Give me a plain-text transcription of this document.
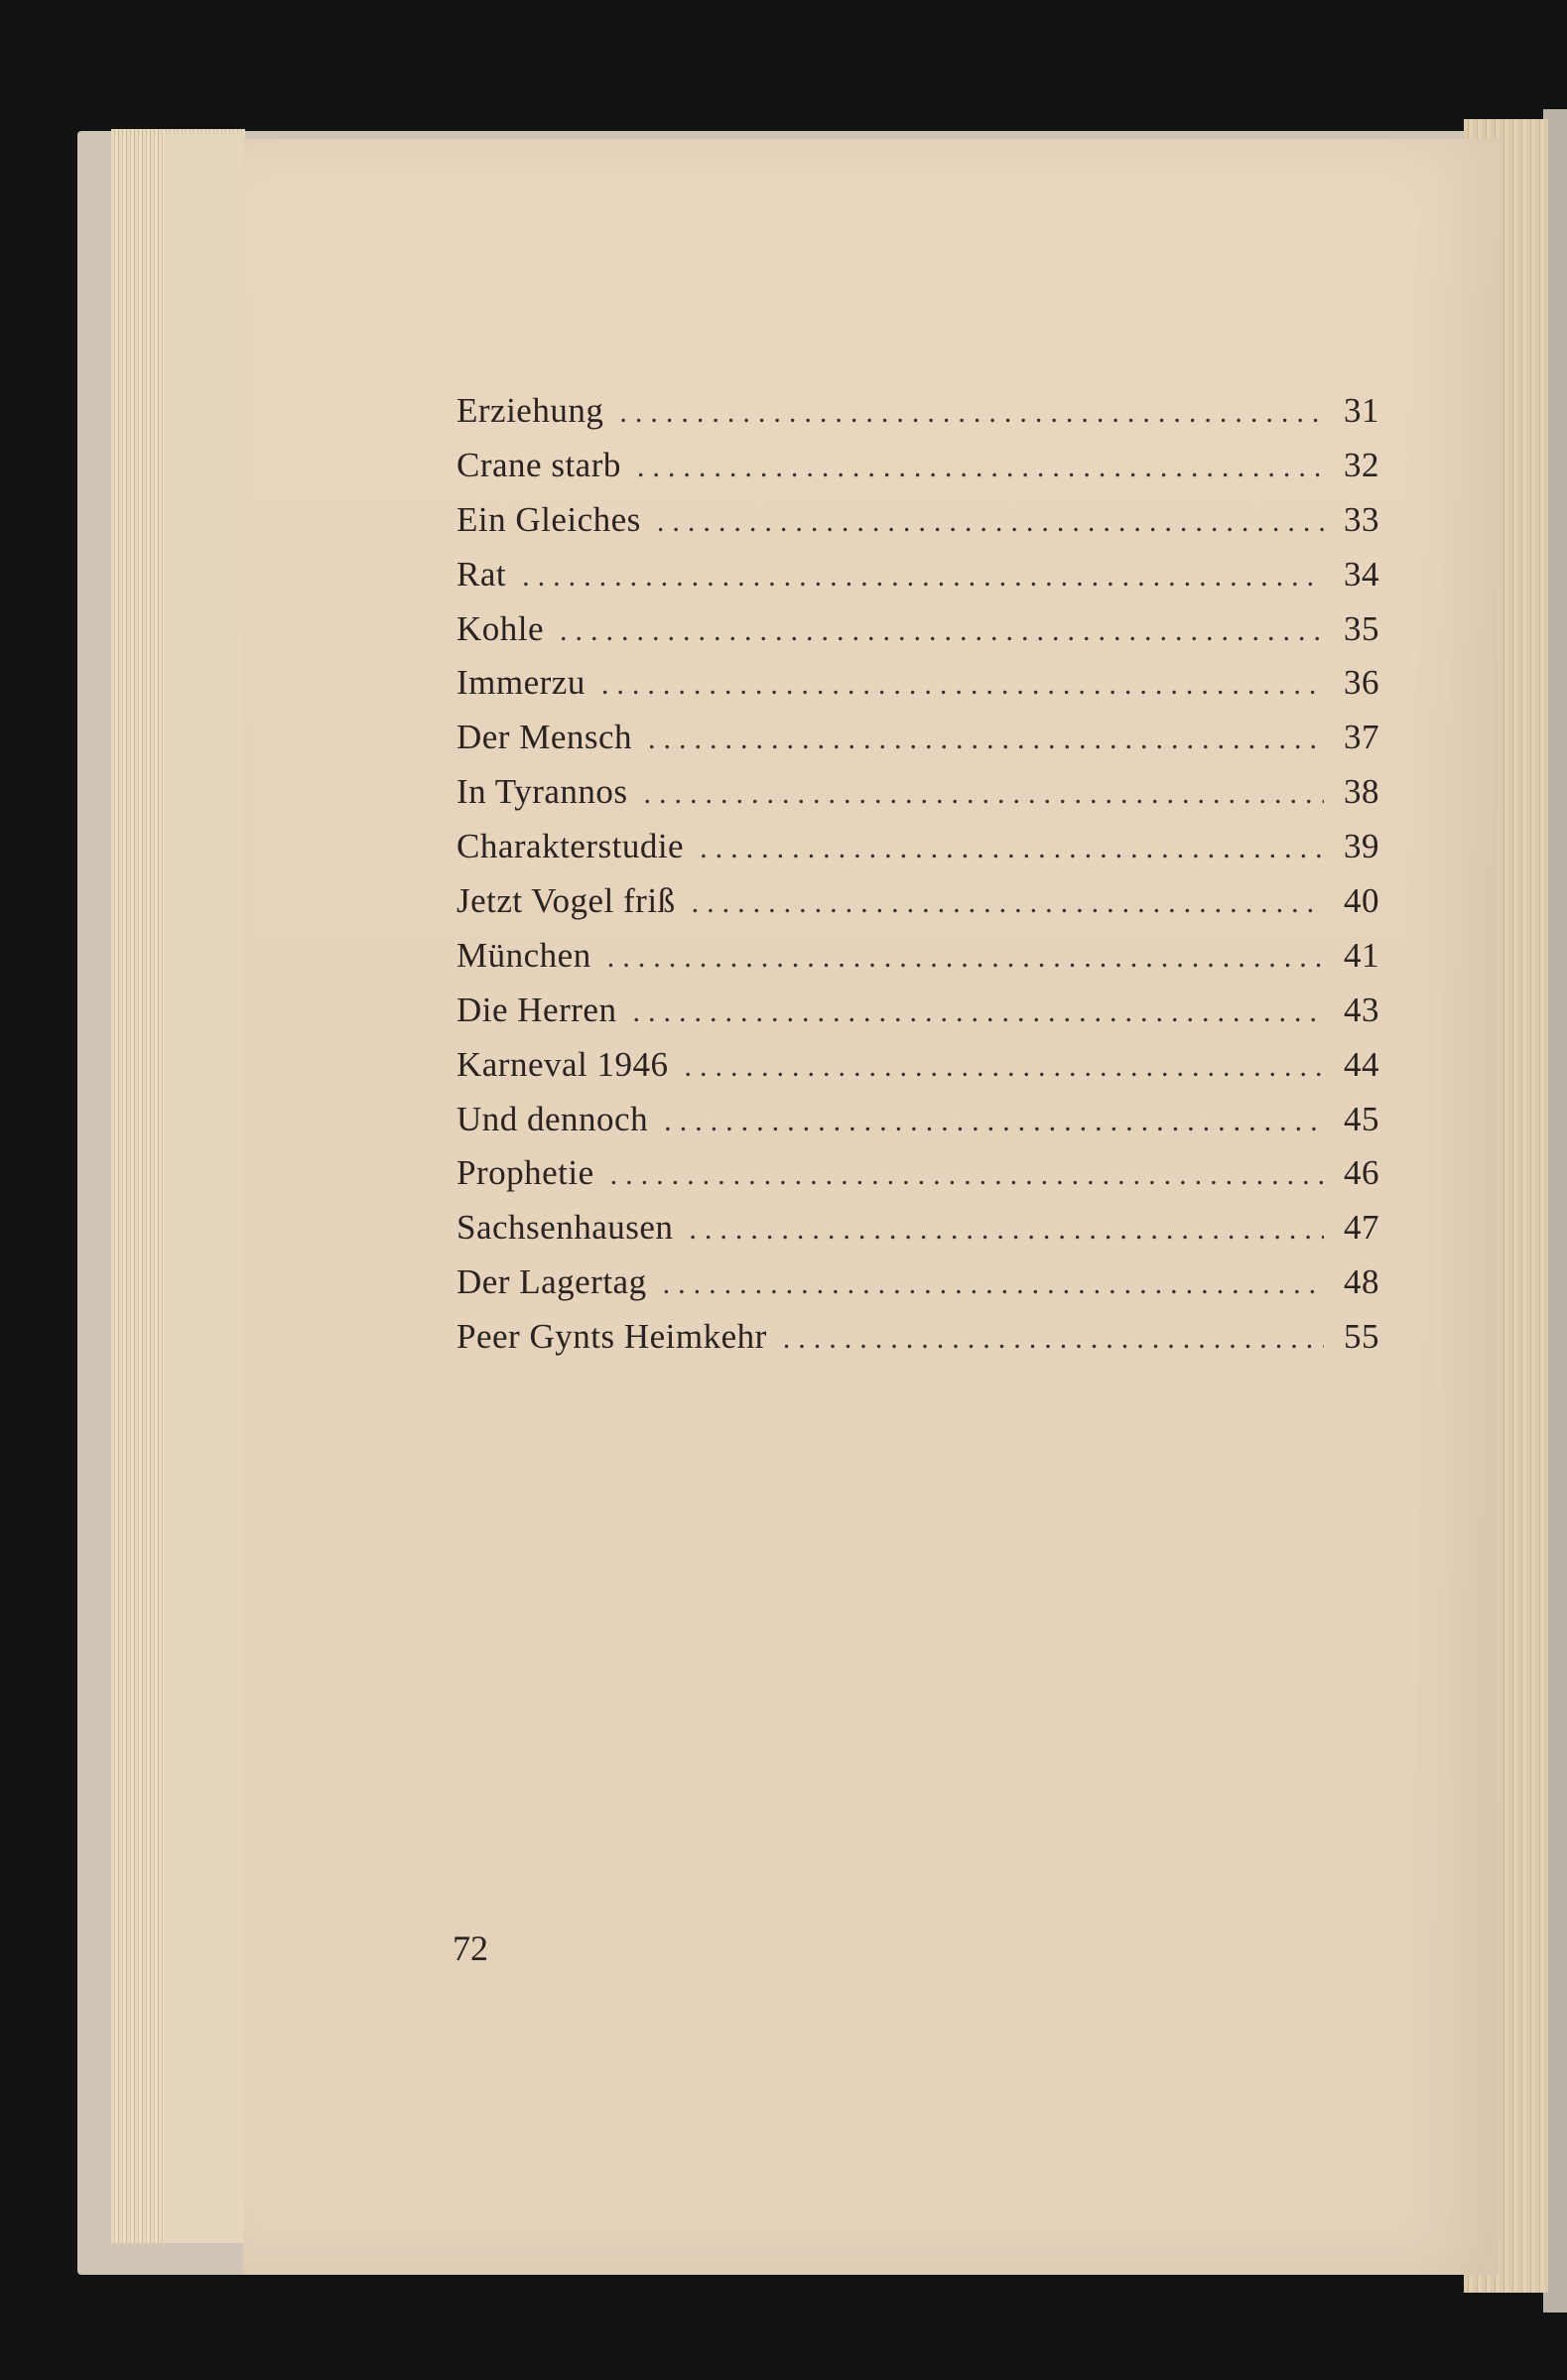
Erziehung .....	31
Crane starb .....	32
Ein Gleiches .....	33
Rat .....	34
Kohle .....	35
Immerzu .....	36
Der Mensch .....	37
In Tyrannos .....	38
Charakterstudie .....	39
Jetzt Vogel friß .....	40
München .....	41
Die Herren .....	43
Karneval 1946 .....	44
Und dennoch .....	45
Prophetie .....	46
Sachsenhausen .....	47
Der Lagertag .....	48
Peer Gynts Heimkehr .....	55
72
